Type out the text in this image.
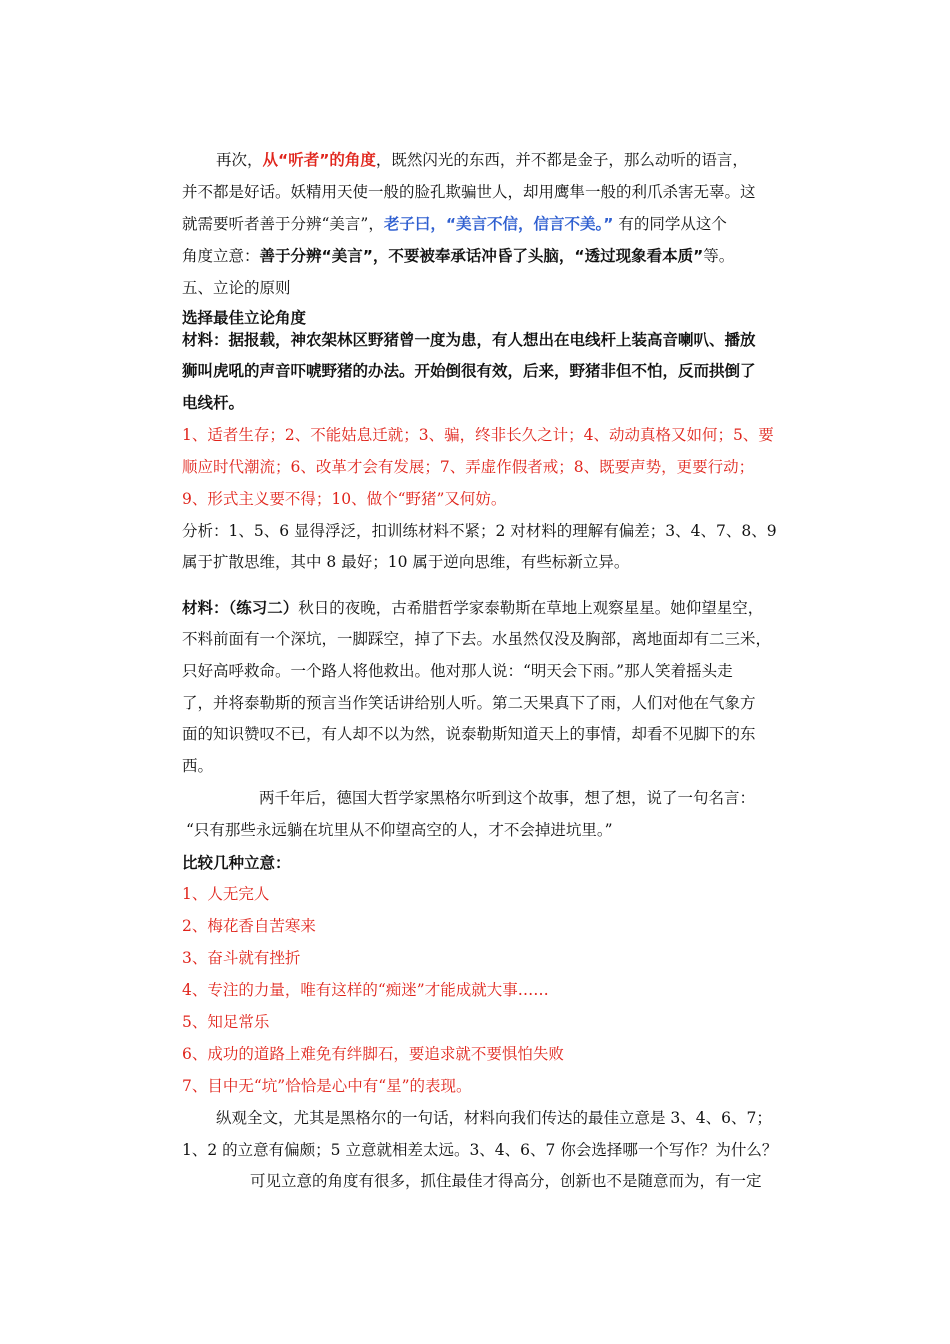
再次，从“听者”的角度，既然闪光的东西，并不都是金子，那么动听的语言，
并不都是好话。妖精用天使一般的脸孔欺骗世人，却用鹰隼一般的利爪杀害无辜。这
就需要听者善于分辨“美言”，老子曰，“美言不信，信言不美。” 有的同学从这个
角度立意：善于分辨“美言”，不要被奉承话冲昏了头脑，“透过现象看本质”等。
五、立论的原则
选择最佳立论角度
材料：据报载，神农架林区野猪曾一度为患，有人想出在电线杆上装高音喇叭、播放
狮叫虎吼的声音吓唬野猪的办法。开始倒很有效，后来，野猪非但不怕，反而拱倒了
电线杆。
1、适者生存；2、不能姑息迁就；3、骗，终非长久之计；4、动动真格又如何；5、要
顺应时代潮流；6、改革才会有发展；7、弄虚作假者戒；8、既要声势，更要行动；
9、形式主义要不得；10、做个“野猪”又何妨。
分析：1、5、6 显得浮泛，扣训练材料不紧；2 对材料的理解有偏差；3、4、7、8、9
属于扩散思维，其中 8 最好；10 属于逆向思维，有些标新立异。
材料：（练习二）秋日的夜晚，古希腊哲学家泰勒斯在草地上观察星星。她仰望星空，
不料前面有一个深坑，一脚踩空，掉了下去。水虽然仅没及胸部，离地面却有二三米，
只好高呼救命。一个路人将他救出。他对那人说：“明天会下雨。”那人笑着摇头走
了，并将泰勒斯的预言当作笑话讲给别人听。第二天果真下了雨，人们对他在气象方
面的知识赞叹不已，有人却不以为然，说泰勒斯知道天上的事情，却看不见脚下的东
西。
两千年后，德国大哲学家黑格尔听到这个故事，想了想，说了一句名言：
“只有那些永远躺在坑里从不仰望高空的人，才不会掉进坑里。”
比较几种立意：
1、人无完人
2、梅花香自苦寒来
3、奋斗就有挫折
4、专注的力量，唯有这样的“痴迷”才能成就大事……
5、知足常乐
6、成功的道路上难免有绊脚石，要追求就不要惧怕失败
7、目中无“坑”恰恰是心中有“星”的表现。
纵观全文，尤其是黑格尔的一句话，材料向我们传达的最佳立意是 3、4、6、7；
1、2 的立意有偏颇；5 立意就相差太远。3、4、6、7 你会选择哪一个写作？为什么？
可见立意的角度有很多，抓住最佳才得高分，创新也不是随意而为，有一定
